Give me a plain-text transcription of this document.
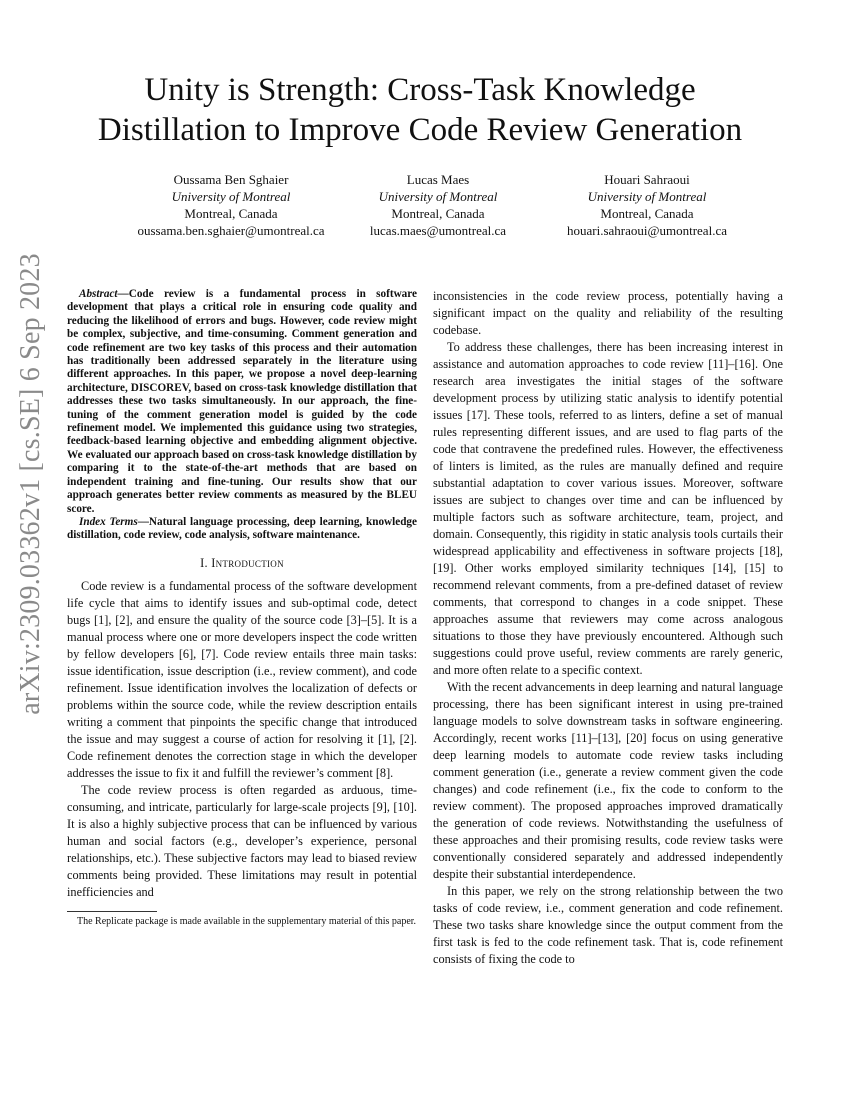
arXiv:2309.03362v1 [cs.SE] 6 Sep 2023
Unity is Strength: Cross-Task Knowledge
Distillation to Improve Code Review Generation
Oussama Ben Sghaier
University of Montreal
Montreal, Canada
oussama.ben.sghaier@umontreal.ca
Lucas Maes
University of Montreal
Montreal, Canada
lucas.maes@umontreal.ca
Houari Sahraoui
University of Montreal
Montreal, Canada
houari.sahraoui@umontreal.ca

Abstract—Code review is a fundamental process in software development that plays a critical role in ensuring code quality and reducing the likelihood of errors and bugs. However, code review might be complex, subjective, and time-consuming. Comment generation and code refinement are two key tasks of this process and their automation has traditionally been addressed separately in the literature using different approaches. In this paper, we propose a novel deep-learning architecture, DISCOREV, based on cross-task knowledge distillation that addresses these two tasks simultaneously. In our approach, the fine-tuning of the comment generation model is guided by the code refinement model. We implemented this guidance using two strategies, feedback-based learning objective and embedding alignment objective. We evaluated our approach based on cross-task knowledge distillation by comparing it to the state-of-the-art methods that are based on independent training and fine-tuning. Our results show that our approach generates better review comments as measured by the BLEU score.

Index Terms—Natural language processing, deep learning, knowledge distillation, code review, code analysis, software maintenance.

I. Introduction

Code review is a fundamental process of the software development life cycle that aims to identify issues and sub-optimal code, detect bugs [1], [2], and ensure the quality of the source code [3]–[5]. It is a manual process where one or more developers inspect the code written by fellow developers [6], [7]. Code review entails three main tasks: issue identification, issue description (i.e., review comment), and code refinement. Issue identification involves the localization of defects or problems within the source code, while the review description entails writing a comment that pinpoints the specific change that introduced the issue and may suggest a course of action for resolving it [1], [2]. Code refinement denotes the correction stage in which the developer addresses the issue to fix it and fulfill the reviewer’s comment [8].

The code review process is often regarded as arduous, time-consuming, and intricate, particularly for large-scale projects [9], [10]. It is also a highly subjective process that can be influenced by various human and social factors (e.g., developer’s experience, personal relationships, etc.). These subjective factors may lead to biased review comments being provided. These limitations may result in potential inefficiencies and

The Replicate package is made available in the supplementary material of this paper.

inconsistencies in the code review process, potentially having a significant impact on the quality and reliability of the resulting codebase.

To address these challenges, there has been increasing interest in assistance and automation approaches to code review [11]–[16]. One research area investigates the initial stages of the software development process by utilizing static analysis to identify potential issues [17]. These tools, referred to as linters, define a set of manual rules representing different issues, and are used to flag parts of the code that contravene the predefined rules. However, the effectiveness of linters is limited, as the rules are manually defined and require substantial adaptation to cover various issues. Moreover, software issues are subject to changes over time and can be influenced by multiple factors such as software architecture, team, project, and domain. Consequently, this rigidity in static analysis tools curtails their widespread applicability and effectiveness in software projects [18], [19]. Other works employed similarity techniques [14], [15] to recommend relevant comments, from a pre-defined dataset of review comments, that correspond to changes in a code snippet. These approaches assume that reviewers may come across analogous situations to those they have previously encountered. Although such suggestions could prove useful, review comments are rarely generic, and more often relate to a specific context.

With the recent advancements in deep learning and natural language processing, there has been significant interest in using pre-trained language models to solve downstream tasks in software engineering. Accordingly, recent works [11]–[13], [20] focus on using generative deep learning models to automate code review tasks including comment generation (i.e., generate a review comment given the code changes) and code refinement (i.e., fix the code to conform to the review comment). The proposed approaches improved dramatically the generation of code reviews. Notwithstanding the usefulness of these approaches and their promising results, code review tasks were conventionally considered separately and addressed independently despite their substantial interdependence.

In this paper, we rely on the strong relationship between the two tasks of code review, i.e., comment generation and code refinement. These two tasks share knowledge since the output comment from the first task is fed to the code refinement task. That is, code refinement consists of fixing the code to
